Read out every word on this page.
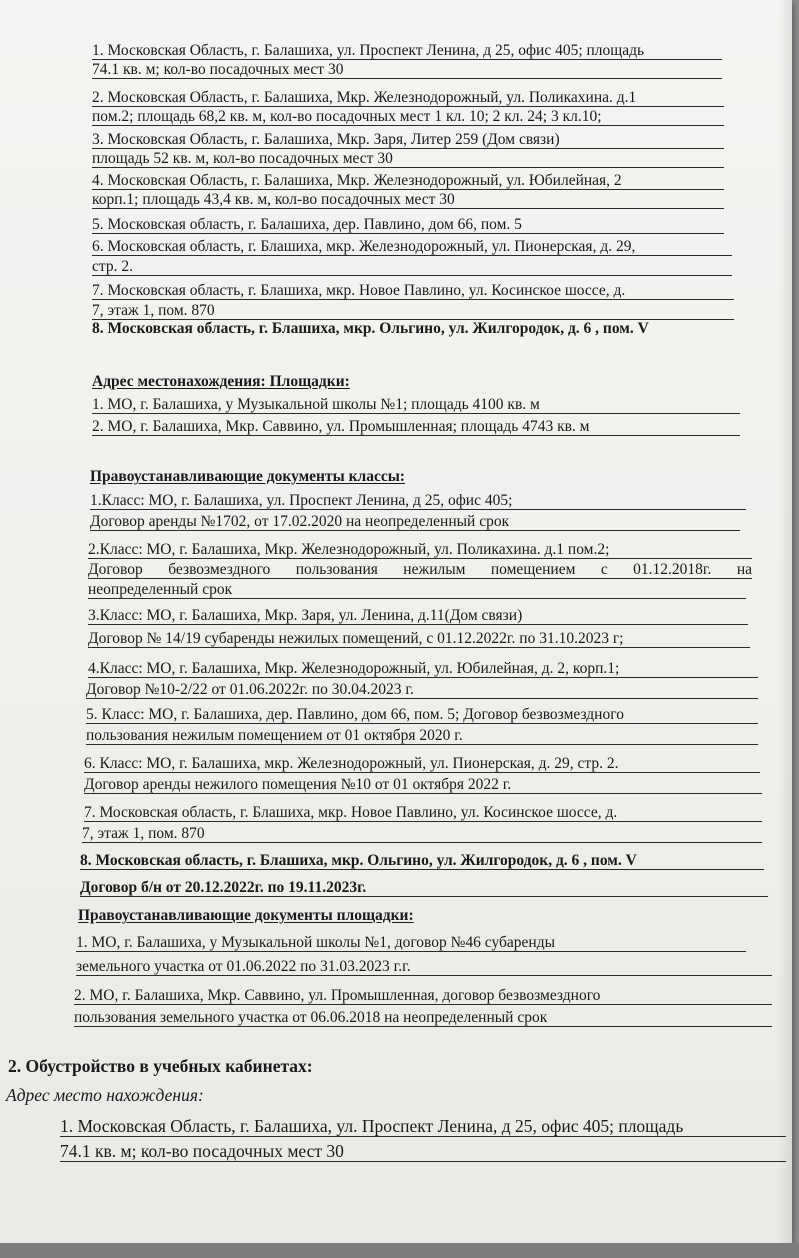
1. Московская Область, г. Балашиха, ул. Проспект Ленина, д 25, офис 405; площадь
74.1 кв. м; кол-во посадочных мест 30
2. Московская Область, г. Балашиха, Мкр. Железнодорожный, ул. Поликахина. д.1
пом.2; площадь 68,2 кв. м, кол-во посадочных мест 1 кл. 10; 2 кл. 24; 3 кл.10;
3. Московская Область, г. Балашиха, Мкр. Заря, Литер 259 (Дом связи)
площадь 52 кв. м, кол-во посадочных мест 30
4. Московская Область, г. Балашиха, Мкр. Железнодорожный, ул. Юбилейная, 2
корп.1; площадь 43,4 кв. м, кол-во посадочных мест 30
5. Московская область, г. Балашиха, дер. Павлино, дом 66, пом. 5
6. Московская область, г. Блашиха, мкр. Железнодорожный, ул. Пионерская, д. 29,
стр. 2.
7. Московская область, г. Блашиха, мкр. Новое Павлино, ул. Косинское шоссе, д.
7, этаж 1, пом. 870
8. Московская область, г. Блашиха, мкр. Ольгино, ул. Жилгородок, д. 6 , пом. V
Адрес местонахождения: Площадки:
1. МО, г. Балашиха, у Музыкальной школы №1; площадь 4100 кв. м
2. МО, г. Балашиха, Мкр. Саввино, ул. Промышленная; площадь 4743 кв. м
Правоустанавливающие документы классы:
1.Класс: МО, г. Балашиха, ул. Проспект Ленина, д 25, офис 405;
Договор аренды №1702, от 17.02.2020 на неопределенный срок
2.Класс: МО, г. Балашиха, Мкр. Железнодорожный, ул. Поликахина. д.1 пом.2;
Договор безвозмездного пользования нежилым помещением с 01.12.2018г. на
неопределенный срок
3.Класс: МО, г. Балашиха, Мкр. Заря, ул. Ленина, д.11(Дом связи)
Договор № 14/19 субаренды нежилых помещений, с 01.12.2022г. по 31.10.2023 г;
4.Класс: МО, г. Балашиха, Мкр. Железнодорожный, ул. Юбилейная, д. 2, корп.1;
Договор №10-2/22 от 01.06.2022г. по 30.04.2023 г.
5. Класс: МО, г. Балашиха, дер. Павлино, дом 66, пом. 5; Договор безвозмездного
пользования нежилым помещением от 01 октября 2020 г.
6. Класс: МО, г. Балашиха, мкр. Железнодорожный, ул. Пионерская, д. 29, стр. 2.
Договор аренды нежилого помещения №10 от 01 октября 2022 г.
7. Московская область, г. Блашиха, мкр. Новое Павлино, ул. Косинское шоссе, д.
7, этаж 1, пом. 870
8. Московская область, г. Блашиха, мкр. Ольгино, ул. Жилгородок, д. 6 , пом. V
Договор б/н от 20.12.2022г. по 19.11.2023г.
Правоустанавливающие документы площадки:
1. МО, г. Балашиха, у Музыкальной школы №1, договор №46 субаренды
земельного участка от 01.06.2022 по 31.03.2023 г.г.
2. МО, г. Балашиха, Мкр. Саввино, ул. Промышленная, договор безвозмездного
пользования земельного участка от 06.06.2018 на неопределенный срок
2. Обустройство в учебных кабинетах:
Адрес место нахождения:
1. Московская Область, г. Балашиха, ул. Проспект Ленина, д 25, офис 405; площадь
74.1 кв. м; кол-во посадочных мест 30
